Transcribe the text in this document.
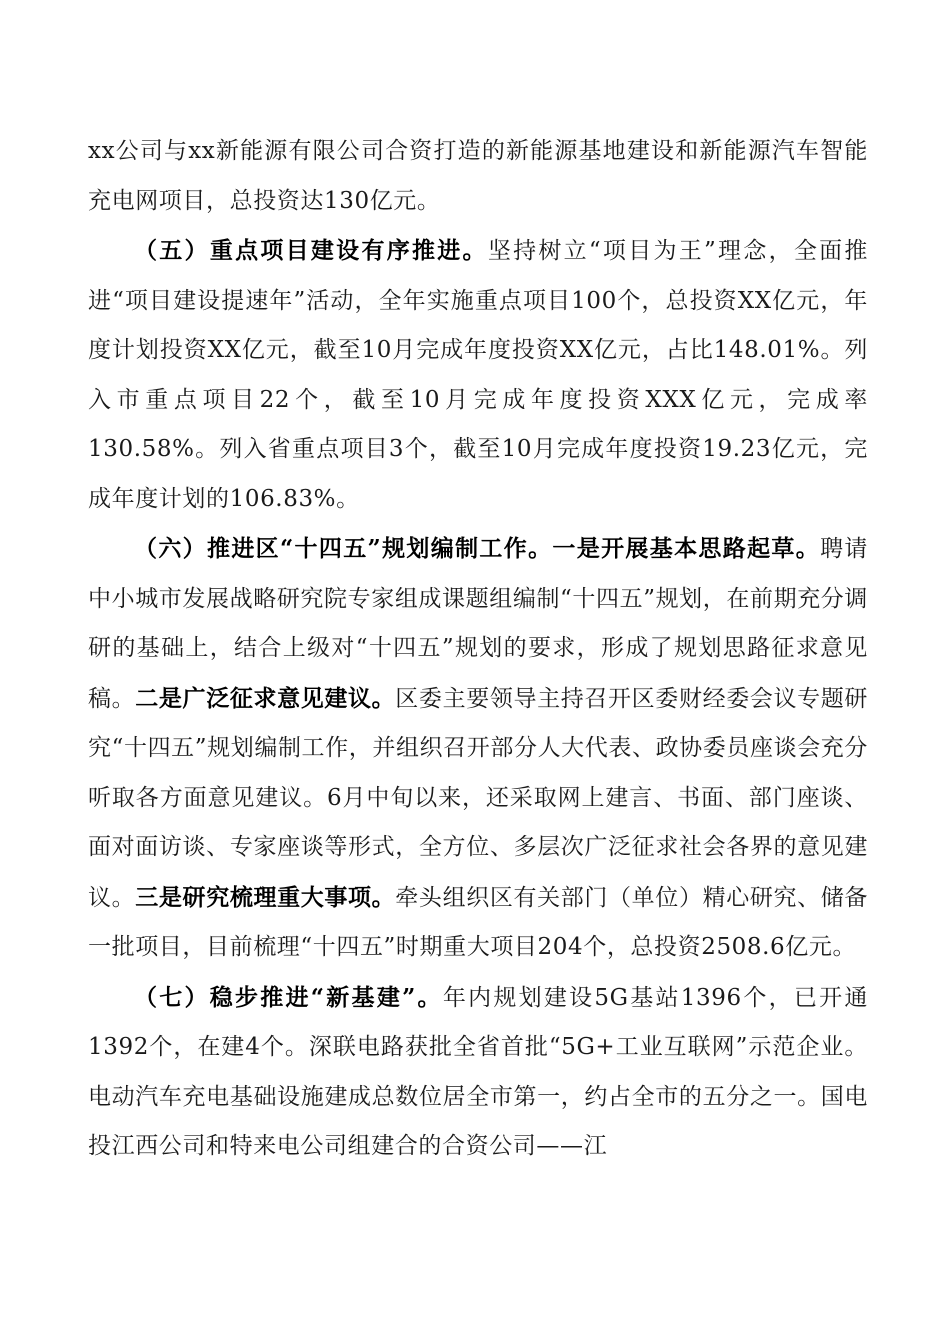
xx公司与xx新能源有限公司合资打造的新能源基地建设和新能源汽车智能充电网项目，总投资达130亿元。

（五）重点项目建设有序推进。坚持树立“项目为王”理念，全面推进“项目建设提速年”活动，全年实施重点项目100个，总投资XX亿元，年度计划投资XX亿元，截至10月完成年度投资XX亿元，占比148.01%。列入市重点项目22个，截至10月完成年度投资XXX亿元，完成率130.58%。列入省重点项目3个，截至10月完成年度投资19.23亿元，完成年度计划的106.83%。

（六）推进区“十四五”规划编制工作。一是开展基本思路起草。聘请中小城市发展战略研究院专家组成课题组编制“十四五”规划，在前期充分调研的基础上，结合上级对“十四五”规划的要求，形成了规划思路征求意见稿。二是广泛征求意见建议。区委主要领导主持召开区委财经委会议专题研究“十四五”规划编制工作，并组织召开部分人大代表、政协委员座谈会充分听取各方面意见建议。6月中旬以来，还采取网上建言、书面、部门座谈、面对面访谈、专家座谈等形式，全方位、多层次广泛征求社会各界的意见建议。三是研究梳理重大事项。牵头组织区有关部门（单位）精心研究、储备一批项目，目前梳理“十四五”时期重大项目204个，总投资2508.6亿元。

（七）稳步推进“新基建”。年内规划建设5G基站1396个，已开通1392个，在建4个。深联电路获批全省首批“5G+工业互联网”示范企业。电动汽车充电基础设施建成总数位居全市第一，约占全市的五分之一。国电投江西公司和特来电公司组建合的合资公司——江
